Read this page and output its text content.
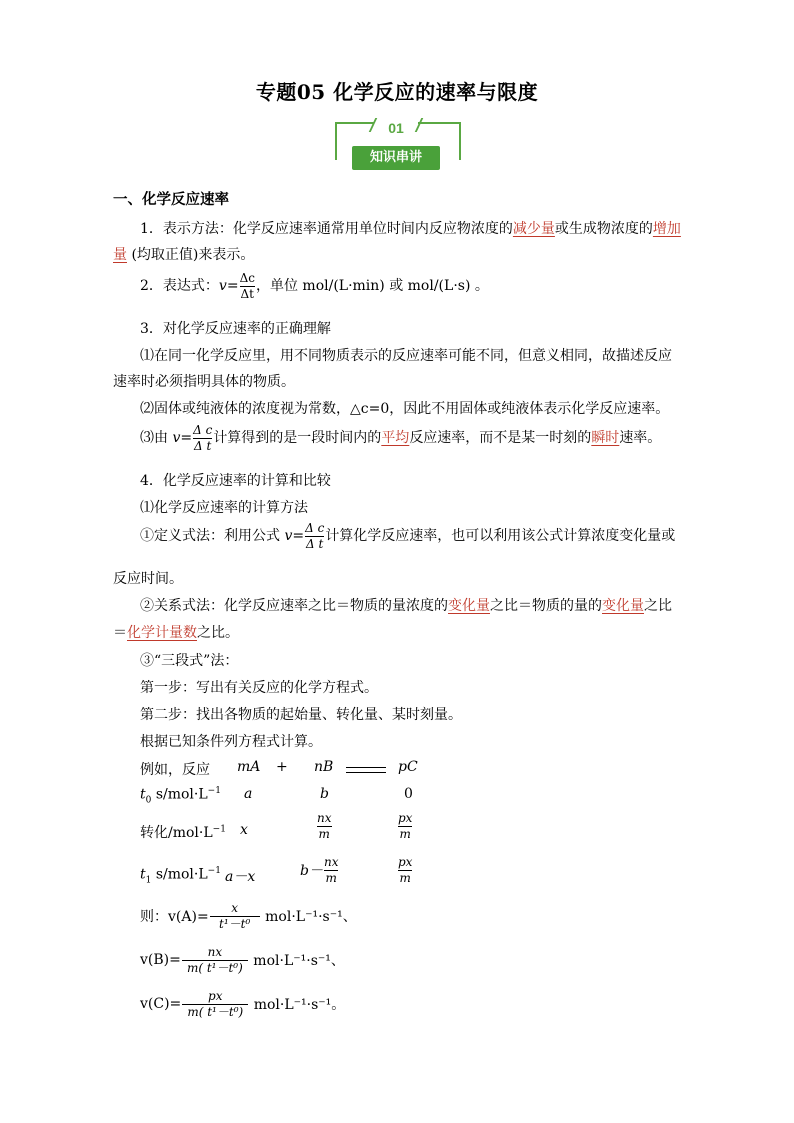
专题05 化学反应的速率与限度
01
知识串讲
一、化学反应速率
1．表示方法：化学反应速率通常用单位时间内反应物浓度的减少量或生成物浓度的增加
量 (均取正值)来表示。
2．表达式：$v= \frac{\Delta c}{\Delta t}$ ，单位 mol/(L·min) 或 mol/(L·s) 。
3．对化学反应速率的正确理解
⑴在同一化学反应里，用不同物质表示的反应速率可能不同，但意义相同，故描述反应
速率时必须指明具体的物质。
⑵固体或纯液体的浓度视为常数，△c=0，因此不用固体或纯液体表示化学反应速率。
⑶由 $v= \frac{\text{Δ c}}{\text{Δ t}}$ 计算得到的是一段时间内的平均反应速率，而不是某一时刻的瞬时速率。
4．化学反应速率的计算和比较
⑴化学反应速率的计算方法
①定义式法：利用公式 $v= \frac{\text{Δ c}}{\text{Δ t}}$ 计算化学反应速率，也可以利用该公式计算浓度变化量或
反应时间。
②关系式法：化学反应速率之比＝物质的量浓度的变化量之比＝物质的量的变化量之比
＝化学计量数之比。
③“三段式”法：
第一步：写出有关反应的化学方程式。
第二步：找出各物质的起始量、转化量、某时刻量。
根据已知条件列方程式计算。
例如，反应 mA + nB	pC
$t_0$ $s/mol\cdot L^{-1}$ a	b	0
转化$/mol\cdot L^{-1}$ x	$\frac{nx}{m}$	$\frac{px}{m}$
$t_1$ $s/mol\cdot L^{-1}$ a－x	$b- \frac{nx}{m}$	$\frac{px}{m}$
则：$v(A)= \frac{x}{\text{t¹－t⁰}} mol\cdot L^{-1}\cdot s^{-1}$、
$v(B)= \frac{nx}{\text{m( t¹－t⁰)}} mol\cdot L^{-1}\cdot s^{-1}$、
$v(C)= \frac{px}{\text{m( t¹－t⁰)}} mol\cdot L^{-1}\cdot s^{-1}$。
